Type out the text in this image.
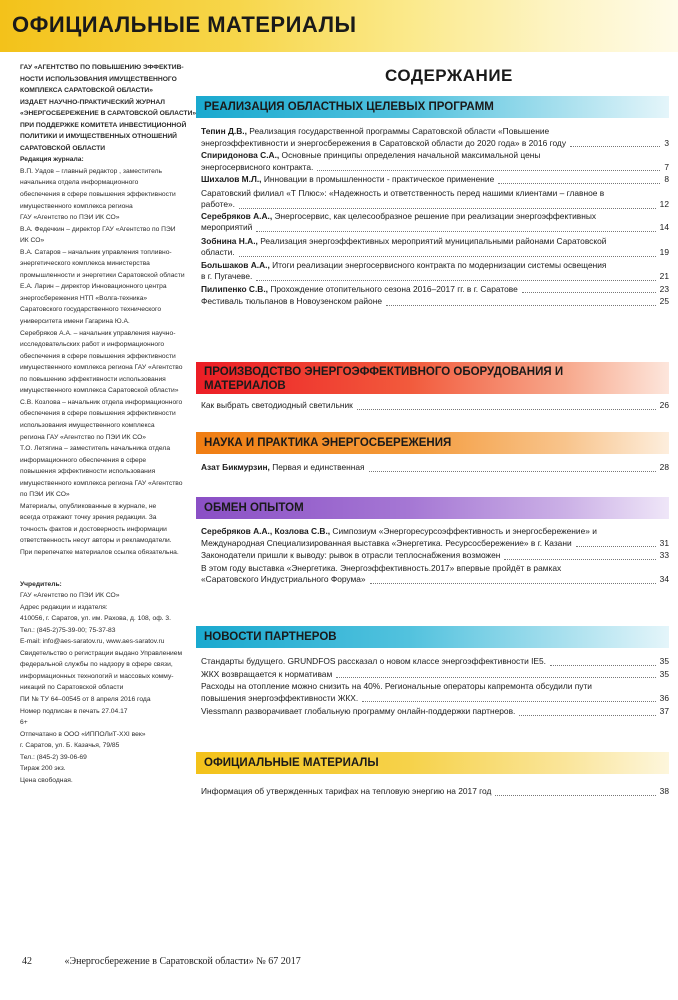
ОФИЦИАЛЬНЫЕ МАТЕРИАЛЫ
ГАУ «АГЕНТСТВО ПО ПОВЫШЕНИЮ ЭФФЕКТИВ-
НОСТИ ИСПОЛЬЗОВАНИЯ ИМУЩЕСТВЕННОГО
КОМПЛЕКСА САРАТОВСКОЙ ОБЛАСТИ»
ИЗДАЕТ НАУЧНО-ПРАКТИЧЕСКИЙ ЖУРНАЛ
«ЭНЕРГОСБЕРЕЖЕНИЕ В САРАТОВСКОЙ ОБЛАСТИ»
ПРИ ПОДДЕРЖКЕ КОМИТЕТА ИНВЕСТИЦИОННОЙ
ПОЛИТИКИ И ИМУЩЕСТВЕННЫХ ОТНОШЕНИЙ
САРАТОВСКОЙ ОБЛАСТИ
Редакция журнала:
В.П. Уадов – главный редактор , заместитель
начальника отдела информационного
обеспечения в сфере повышения эффективности
имущественного комплекса региона
ГАУ «Агентство по ПЭИ ИК СО»
В.А. Федечкин – директор ГАУ «Агентство по ПЭИ
ИК СО»
В.А. Сатаров – начальник управления топливно-
энергетического комплекса министерства
промышленности и энергетики Саратовской области
Е.А. Ларин – директор Инновационного центра
энергосбережения НТП «Волга-техника»
Саратовского государственного технического
университета имени Гагарина Ю.А.
Серебряков А.А. – начальник управления научно-
исследовательских работ и информационного
обеспечения в сфере повышения эффективности
имущественного комплекса региона ГАУ «Агентство
по повышению эффективности использования
имущественного комплекса Саратовской области»
С.В. Козлова – начальник отдела информационного
обеспечения в сфере повышения эффективности
использования имущественного комплекса
региона ГАУ «Агентство по ПЭИ ИК СО»
Т.О. Летягина – заместитель начальника отдела
информационного обеспечения в сфере
повышения эффективности использования
имущественного комплекса региона ГАУ «Агентство
по ПЭИ ИК СО»
Материалы, опубликованные в журнале, не
всегда отражают точку зрения редакции. За
точность фактов и достоверность информации
ответственность несут авторы и рекламодатели.
При перепечатке материалов ссылка обязательна.
Учредитель:
ГАУ «Агентство по ПЭИ ИК СО»
Адрес редакции и издателя:
410056, г. Саратов, ул. им. Рахова, д. 108, оф. 3.
Тел.: (845-2)75-39-00; 75-37-83
E-mail: info@aes-saratov.ru, www.aes-saratov.ru
Свидетельство о регистрации выдано Управлением
федеральной службы по надзору в сфере связи,
информационных технологий и массовых комму-
никаций по Саратовской области
ПИ № ТУ 64–00545 от 8 апреля 2016 года
Номер подписан в печать 27.04.17
6+
Отпечатано в ООО «ИППОЛиТ-XXI век»
г. Саратов, ул. Б. Казачья, 79/85
Тел.: (845-2) 39-06-69
Тираж 200 экз.
Цена свободная.
СОДЕРЖАНИЕ
РЕАЛИЗАЦИЯ ОБЛАСТНЫХ ЦЕЛЕВЫХ ПРОГРАММ
Тепин Д.В., Реализация государственной программы Саратовской области «Повышение энергоэффективности и энергосбережения в Саратовской области до 2020 года» в 2016 году	3
Спиридонова С.А., Основные принципы определения начальной максимальной цены энергосервисного контракта.	7
Шихалов М.Л., Инновации в промышленности - практическое применение	8
Саратовский филиал «Т Плюс»: «Надежность и ответственность перед нашими клиентами – главное в работе».	12
Серебряков А.А., Энергосервис, как целесообразное решение при реализации энергоэффективных мероприятий	14
Зобнина Н.А., Реализация энергоэффективных мероприятий муниципальными районами Саратовской области.	19
Большаков А.А., Итоги реализации энергосервисного контракта по модернизации системы освещения в г. Пугачеве.	21
Пилипенко С.В., Прохождение отопительного сезона 2016–2017 гг. в г. Саратове	23
Фестиваль тюльпанов в Новоузенском районе	25
ПРОИЗВОДСТВО ЭНЕРГОЭФФЕКТИВНОГО ОБОРУДОВАНИЯ И
МАТЕРИАЛОВ
Как выбрать светодиодный светильник	26
НАУКА И ПРАКТИКА ЭНЕРГОСБЕРЕЖЕНИЯ
Азат Бикмурзин, Первая и единственная	28
ОБМЕН ОПЫТОМ
Серебряков А.А., Козлова С.В., Симпозиум «Энергоресурсоэффективность и энергосбережение» и Международная Специализированная выставка «Энергетика. Ресурсосбережение» в г. Казани	31
Законодатели пришли к выводу: рывок в отрасли теплоснабжения возможен	33
В этом году выставка «Энергетика. Энергоэффективность.2017» впервые пройдёт в рамках «Саратовского Индустриального Форума»	34
НОВОСТИ ПАРТНЕРОВ
Стандарты будущего. GRUNDFOS рассказал о новом классе энергоэффективности IE5.	35
ЖКХ возвращается к нормативам	35
Расходы на отопление можно снизить на 40%. Региональные операторы капремонта обсудили пути повышения энергоэффективности ЖКХ.	36
Viessmann разворачивает глобальную программу онлайн-поддержки партнеров.	37
ОФИЦИАЛЬНЫЕ МАТЕРИАЛЫ
Информация об утвержденных тарифах на тепловую энергию на 2017 год	38
42	«Энергосбережение в Саратовской области» № 67 2017
